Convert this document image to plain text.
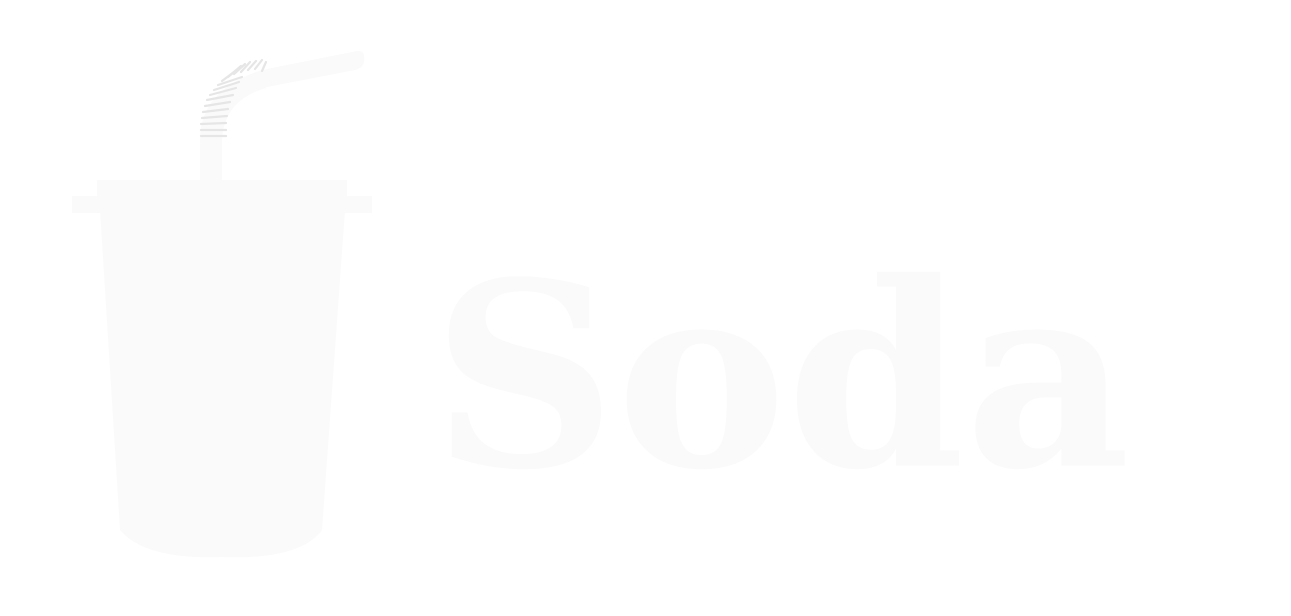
Soda
